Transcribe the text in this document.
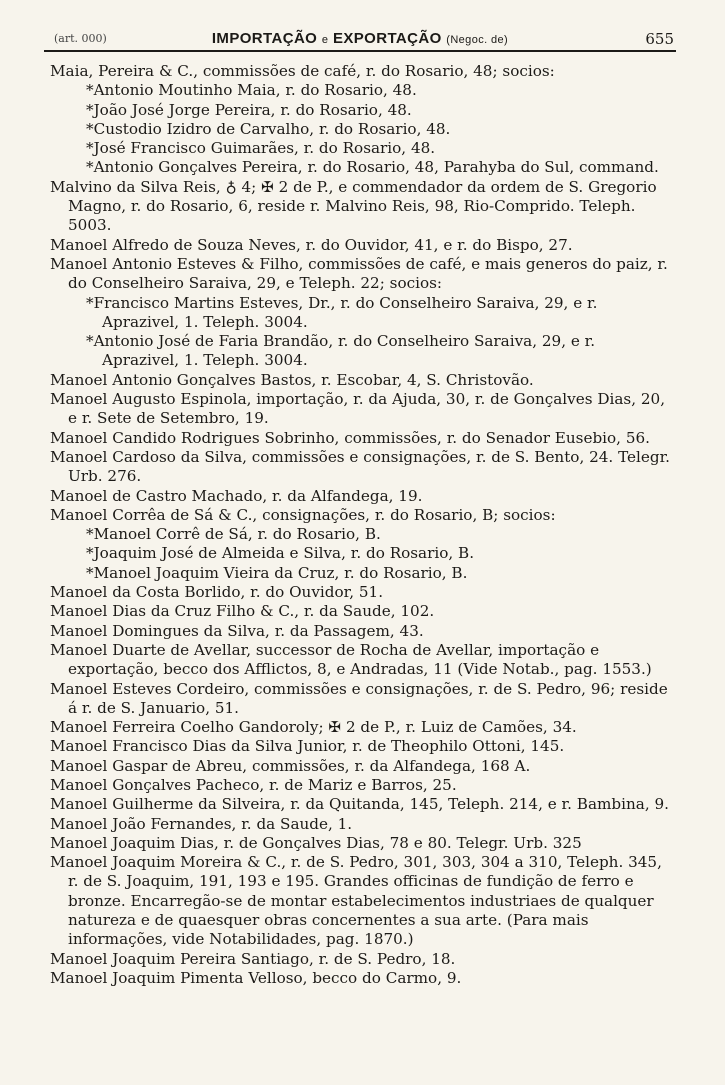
(art. 000)	IMPORTAÇÃO e EXPORTAÇÃO (Negoc. de)	655
Maia, Pereira & C., commissões de café, r. do Rosario, 48; socios:
*Antonio Moutinho Maia, r. do Rosario, 48.
*João José Jorge Pereira, r. do Rosario, 48.
*Custodio Izidro de Carvalho, r. do Rosario, 48.
*José Francisco Guimarães, r. do Rosario, 48.
*Antonio Gonçalves Pereira, r. do Rosario, 48, Parahyba do Sul, command.
Malvino da Silva Reis, ♁ 4; ✠ 2 de P., e commendador da ordem de S. Gregorio Magno, r. do Rosario, 6, reside r. Malvino Reis, 98, Rio-Comprido. Teleph. 5003.
Manoel Alfredo de Souza Neves, r. do Ouvidor, 41, e r. do Bispo, 27.
Manoel Antonio Esteves & Filho, commissões de café, e mais generos do paiz, r. do Conselheiro Saraiva, 29, e Teleph. 22; socios:
*Francisco Martins Esteves, Dr., r. do Conselheiro Saraiva, 29, e r. Aprazivel, 1. Teleph. 3004.
*Antonio José de Faria Brandão, r. do Conselheiro Saraiva, 29, e r. Aprazivel, 1. Teleph. 3004.
Manoel Antonio Gonçalves Bastos, r. Escobar, 4, S. Christovão.
Manoel Augusto Espinola, importação, r. da Ajuda, 30, r. de Gonçalves Dias, 20, e r. Sete de Setembro, 19.
Manoel Candido Rodrigues Sobrinho, commissões, r. do Senador Eusebio, 56.
Manoel Cardoso da Silva, commissões e consignações, r. de S. Bento, 24. Telegr. Urb. 276.
Manoel de Castro Machado, r. da Alfandega, 19.
Manoel Corrêa de Sá & C., consignações, r. do Rosario, B; socios:
*Manoel Corrê de Sá, r. do Rosario, B.
*Joaquim José de Almeida e Silva, r. do Rosario, B.
*Manoel Joaquim Vieira da Cruz, r. do Rosario, B.
Manoel da Costa Borlido, r. do Ouvidor, 51.
Manoel Dias da Cruz Filho & C., r. da Saude, 102.
Manoel Domingues da Silva, r. da Passagem, 43.
Manoel Duarte de Avellar, successor de Rocha de Avellar, importação e exportação, becco dos Afflictos, 8, e Andradas, 11 (Vide Notab., pag. 1553.)
Manoel Esteves Cordeiro, commissões e consignações, r. de S. Pedro, 96; reside á r. de S. Januario, 51.
Manoel Ferreira Coelho Gandoroly; ✠ 2 de P., r. Luiz de Camões, 34.
Manoel Francisco Dias da Silva Junior, r. de Theophilo Ottoni, 145.
Manoel Gaspar de Abreu, commissões, r. da Alfandega, 168 A.
Manoel Gonçalves Pacheco, r. de Mariz e Barros, 25.
Manoel Guilherme da Silveira, r. da Quitanda, 145, Teleph. 214, e r. Bambina, 9.
Manoel João Fernandes, r. da Saude, 1.
Manoel Joaquim Dias, r. de Gonçalves Dias, 78 e 80. Telegr. Urb. 325
Manoel Joaquim Moreira & C., r. de S. Pedro, 301, 303, 304 a 310, Teleph. 345, r. de S. Joaquim, 191, 193 e 195. Grandes officinas de fundição de ferro e bronze. Encarregão-se de montar estabelecimentos industriaes de qualquer natureza e de quaesquer obras concernentes a sua arte. (Para mais informações, vide Notabilidades, pag. 1870.)
Manoel Joaquim Pereira Santiago, r. de S. Pedro, 18.
Manoel Joaquim Pimenta Velloso, becco do Carmo, 9.
